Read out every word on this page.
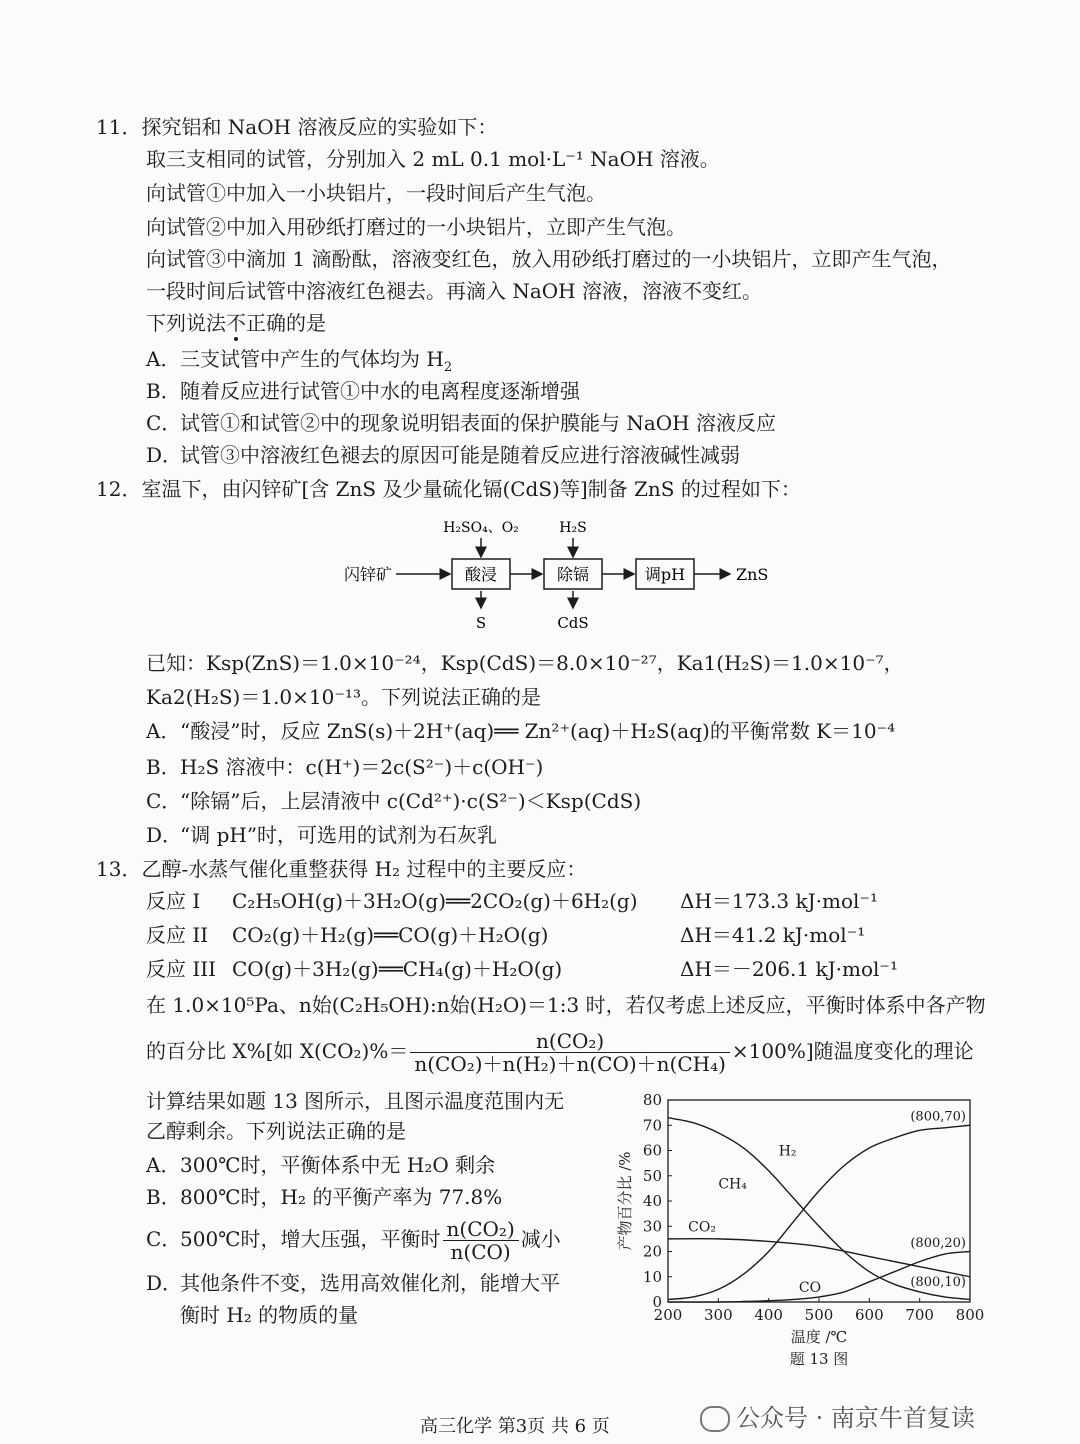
11．探究铝和 NaOH 溶液反应的实验如下：
取三支相同的试管，分别加入 2 mL 0.1 mol·L⁻¹ NaOH 溶液。
向试管①中加入一小块铝片，一段时间后产生气泡。
向试管②中加入用砂纸打磨过的一小块铝片，立即产生气泡。
向试管③中滴加 1 滴酚酞，溶液变红色，放入用砂纸打磨过的一小块铝片，立即产生气泡，
一段时间后试管中溶液红色褪去。再滴入 NaOH 溶液，溶液不变红。
下列说法不正确的是
A．三支试管中产生的气体均为 $H_2$
B．随着反应进行试管①中水的电离程度逐渐增强
C．试管①和试管②中的现象说明铝表面的保护膜能与 NaOH 溶液反应
D．试管③中溶液红色褪去的原因可能是随着反应进行溶液碱性减弱
12．室温下，由闪锌矿[含 ZnS 及少量硫化镉(CdS)等]制备 ZnS 的过程如下：
闪锌矿	酸浸
H₂SO₄、O₂
S
除镉
H₂S
CdS
调pH	ZnS
已知：Ksp(ZnS)＝1.0×10⁻²⁴，Ksp(CdS)＝8.0×10⁻²⁷，Ka1(H₂S)＝1.0×10⁻⁷，
Ka2(H₂S)＝1.0×10⁻¹³。下列说法正确的是
A．“酸浸”时，反应 ZnS(s)＋2H⁺(aq)══ Zn²⁺(aq)＋H₂S(aq)的平衡常数 K＝10⁻⁴
B．H₂S 溶液中：c(H⁺)＝2c(S²⁻)＋c(OH⁻)
C．“除镉”后，上层清液中 c(Cd²⁺)·c(S²⁻)＜Ksp(CdS)
D．“调 pH”时，可选用的试剂为石灰乳
13．乙醇-水蒸气催化重整获得 H₂ 过程中的主要反应：
反应 I C₂H₅OH(g)＋3H₂O(g)══2CO₂(g)＋6H₂(g) ΔH＝173.3 kJ·mol⁻¹
反应 II CO₂(g)＋H₂(g)══CO(g)＋H₂O(g)	ΔH＝41.2 kJ·mol⁻¹
反应 III CO(g)＋3H₂(g)══CH₄(g)＋H₂O(g)	ΔH＝－206.1 kJ·mol⁻¹
在 1.0×10⁵Pa、n始(C₂H₅OH):n始(H₂O)＝1:3 时，若仅考虑上述反应，平衡时体系中各产物
的百分比 X%[如 $X(CO_2)\%= \frac{\text{n(CO₂)}}{\text{n(CO₂)＋n(H₂)＋n(CO)＋n(CH₄)}} \times 100\%$]随温度变化的理论
计算结果如题 13 图所示，且图示温度范围内无
乙醇剩余。下列说法正确的是
A．300℃时，平衡体系中无 H₂O 剩余
B．800℃时，H₂ 的平衡产率为 77.8%
C．500℃时，增大压强，平衡时 $\frac{\text{n(CO₂)}}{n(CO)}$ 减小
D．其他条件不变，选用高效催化剂，能增大平
衡时 H₂ 的物质的量	200 300 400 500 600 700 800
0
10
20
30
40
50
60
70
80
温度 /℃
产物百分比 /%
题 13 图
CH₄
H₂
CO₂
CO
(800,70)
(800,20)
(800,10)
高三化学 第3页 共 6 页	公众号 · 南京牛首复读
